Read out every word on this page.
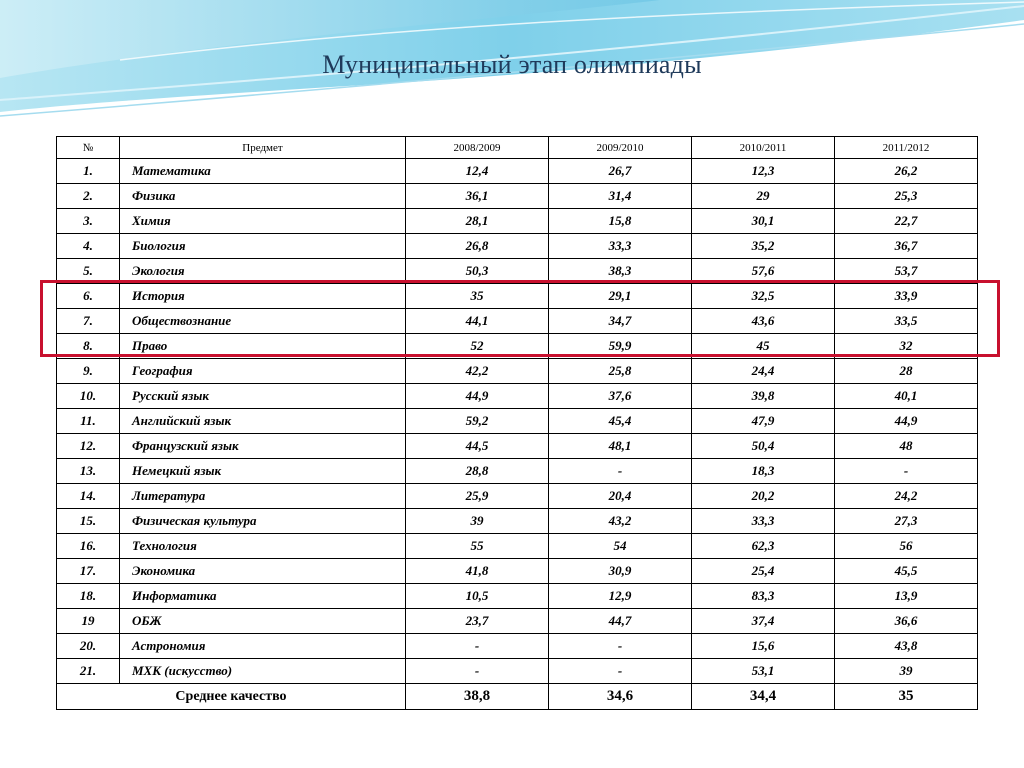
Муниципальный этап олимпиады
№	Предмет	2008/2009	2009/2010	2010/2011	2011/2012
1.	Математика	12,4	26,7	12,3	26,2
2.	Физика	36,1	31,4	29	25,3
3.	Химия	28,1	15,8	30,1	22,7
4.	Биология	26,8	33,3	35,2	36,7
5.	Экология	50,3	38,3	57,6	53,7
6.	История	35	29,1	32,5	33,9
7.	Обществознание	44,1	34,7	43,6	33,5
8.	Право	52	59,9	45	32
9.	География	42,2	25,8	24,4	28
10.	Русский язык	44,9	37,6	39,8	40,1
11.	Английский язык	59,2	45,4	47,9	44,9
12.	Французский язык	44,5	48,1	50,4	48
13.	Немецкий язык	28,8	-	18,3	-
14.	Литература	25,9	20,4	20,2	24,2
15.	Физическая культура	39	43,2	33,3	27,3
16.	Технология	55	54	62,3	56
17.	Экономика	41,8	30,9	25,4	45,5
18.	Информатика	10,5	12,9	83,3	13,9
19	ОБЖ	23,7	44,7	37,4	36,6
20.	Астрономия	-	-	15,6	43,8
21.	МХК (искусство)	-	-	53,1	39
Среднее качество		38,8	34,6	34,4	35
